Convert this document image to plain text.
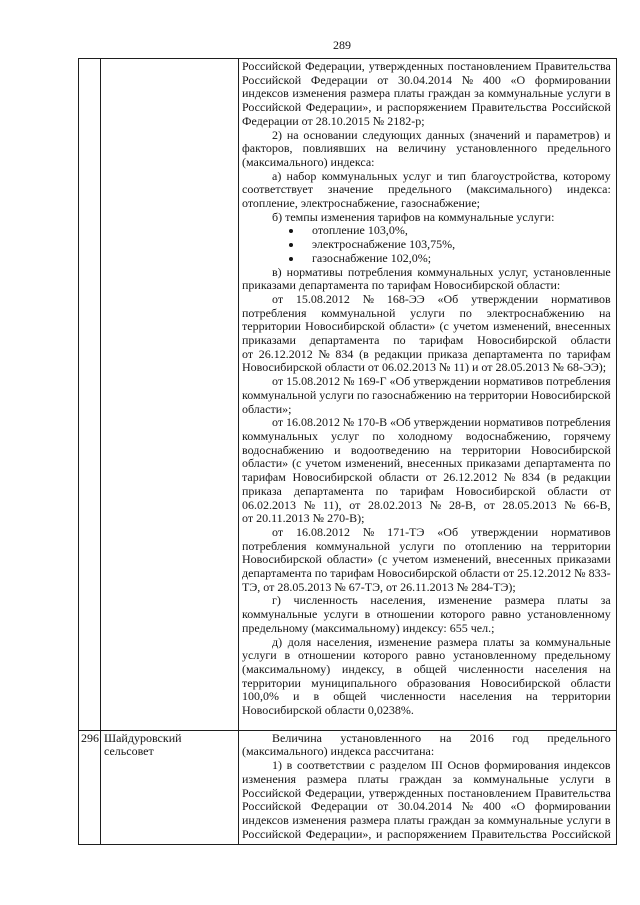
289
Российской Федерации, утвержденных постановлением Правительства
Российской Федерации от 30.04.2014 № 400 «О формировании
индексов изменения размера платы граждан за коммунальные услуги в
Российской Федерации», и распоряжением Правительства Российской
Федерации от 28.10.2015 № 2182-р;
2) на основании следующих данных (значений и параметров) и
факторов, повлиявших на величину установленного предельного
(максимального) индекса:
а) набор коммунальных услуг и тип благоустройства, которому
соответствует значение предельного (максимального) индекса:
отопление, электроснабжение, газоснабжение;
б) темпы изменения тарифов на коммунальные услуги:
отопление 103,0%,
электроснабжение 103,75%,
газоснабжение 102,0%;
в) нормативы потребления коммунальных услуг, установленные
приказами департамента по тарифам Новосибирской области:
от 15.08.2012 № 168-ЭЭ «Об утверждении нормативов
потребления коммунальной услуги по электроснабжению на
территории Новосибирской области» (с учетом изменений, внесенных
приказами департамента по тарифам Новосибирской области
от 26.12.2012 № 834 (в редакции приказа департамента по тарифам
Новосибирской области от 06.02.2013 № 11) и от 28.05.2013 № 68-ЭЭ);
от 15.08.2012 № 169-Г «Об утверждении нормативов потребления
коммунальной услуги по газоснабжению на территории Новосибирской
области»;
от 16.08.2012 № 170-В «Об утверждении нормативов потребления
коммунальных услуг по холодному водоснабжению, горячему
водоснабжению и водоотведению на территории Новосибирской
области» (с учетом изменений, внесенных приказами департамента по
тарифам Новосибирской области от 26.12.2012 № 834 (в редакции
приказа департамента по тарифам Новосибирской области от
06.02.2013 № 11), от 28.02.2013 № 28-В, от 28.05.2013 № 66-В,
от 20.11.2013 № 270-В);
от 16.08.2012 № 171-ТЭ «Об утверждении нормативов
потребления коммунальной услуги по отоплению на территории
Новосибирской области» (с учетом изменений, внесенных приказами
департамента по тарифам Новосибирской области от 25.12.2012 № 833-
ТЭ, от 28.05.2013 № 67-ТЭ, от 26.11.2013 № 284-ТЭ);
г) численность населения, изменение размера платы за
коммунальные услуги в отношении которого равно установленному
предельному (максимальному) индексу: 655 чел.;
д) доля населения, изменение размера платы за коммунальные
услуги в отношении которого равно установленному предельному
(максимальному) индексу, в общей численности населения на
территории муниципального образования Новосибирской области
100,0% и в общей численности населения на территории
Новосибирской области 0,0238%.
296 Шайдуровский сельсовет
Величина установленного на 2016 год предельного
(максимального) индекса рассчитана:
1) в соответствии с разделом III Основ формирования индексов
изменения размера платы граждан за коммунальные услуги в
Российской Федерации, утвержденных постановлением Правительства
Российской Федерации от 30.04.2014 № 400 «О формировании
индексов изменения размера платы граждан за коммунальные услуги в
Российской Федерации», и распоряжением Правительства Российской
